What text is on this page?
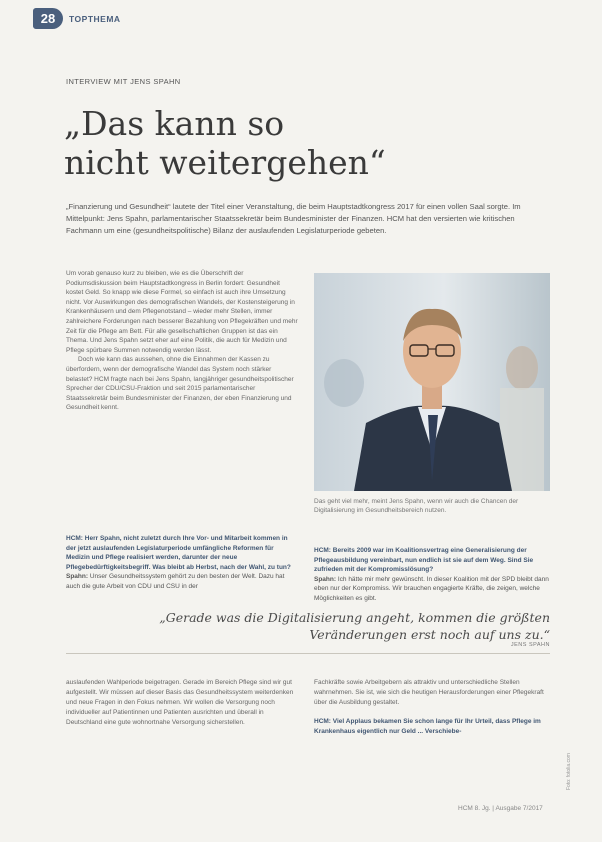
28	TOPTHEMA
INTERVIEW MIT JENS SPAHN
„Das kann so
nicht weitergehen“

„Finanzierung und Gesundheit“ lautete der Titel einer Veranstaltung, die beim Hauptstadtkongress 2017 für einen vollen Saal sorgte. Im Mittelpunkt: Jens Spahn, parlamentarischer Staatssekretär beim Bundesminister der Finanzen. HCM hat den versierten wie kritischen Fachmann um eine (gesundheitspolitische) Bilanz der auslaufenden Legislaturperiode gebeten.

Um vorab genauso kurz zu bleiben, wie es die Überschrift der Podiumsdiskussion beim Hauptstadtkongress in Berlin fordert: Gesundheit kostet Geld. So knapp wie diese Formel, so einfach ist auch ihre Umsetzung nicht. Vor Auswirkungen des demografischen Wandels, der Kostensteigerung in Krankenhäusern und dem Pflegenotstand – wieder mehr Stellen, immer zahlreichere Forderungen nach besserer Bezahlung von Pflegekräften und mehr Zeit für die Pflege am Bett. Für alle gesellschaftlichen Gruppen ist das ein Thema. Und Jens Spahn setzt eher auf eine Politik, die auch für Medizin und Pflege spürbare Summen notwendig werden lässt.

Doch wie kann das aussehen, ohne die Einnahmen der Kassen zu überfordern, wenn der demografische Wandel das System noch stärker belastet? HCM fragte nach bei Jens Spahn, langjähriger gesundheitspolitischer Sprecher der CDU/CSU-Fraktion und seit 2015 parlamentarischer Staatssekretär beim Bundesminister der Finanzen, der eben Finanzierung und Gesundheit kennt.

Das geht viel mehr, meint Jens Spahn, wenn wir auch die Chancen der Digitalisierung im Gesundheitsbereich nutzen.

HCM: Herr Spahn, nicht zuletzt durch Ihre Vor- und Mitarbeit kommen in der jetzt auslaufenden Legislaturperiode umfängliche Reformen für Medizin und Pflege realisiert werden, darunter der neue Pflegebedürftigkeitsbegriff. Was bleibt ab Herbst, nach der Wahl, zu tun?

Spahn: Unser Gesundheitssystem gehört zu den besten der Welt. Dazu hat auch die gute Arbeit von CDU und CSU in der

HCM: Bereits 2009 war im Koalitionsvertrag eine Generalisierung der Pflegeausbildung vereinbart, nun endlich ist sie auf dem Weg. Sind Sie zufrieden mit der Kompromisslösung?

Spahn: Ich hätte mir mehr gewünscht. In dieser Koalition mit der SPD bleibt dann eben nur der Kompromiss. Wir brauchen engagierte Kräfte, die zeigen, welche Möglichkeiten es gibt.

„Gerade was die Digitalisierung angeht, kommen die größten Veränderungen erst noch auf uns zu.“

JENS SPAHN

auslaufenden Wahlperiode beigetragen. Gerade im Bereich Pflege sind wir gut aufgestellt. Wir müssen auf dieser Basis das Gesundheitssystem weiterdenken und neue Fragen in den Fokus nehmen. Wir wollen die Versorgung noch individueller auf Patientinnen und Patienten ausrichten und überall in Deutschland eine gute wohnortnahe Versorgung sicherstellen.

Fachkräfte sowie Arbeitgebern als attraktiv und unterschiedliche Stellen wahrnehmen. Sie ist, wie sich die heutigen Herausforderungen einer Pflegekraft über die Ausbildung gestaltet.

HCM: Viel Applaus bekamen Sie schon lange für Ihr Urteil, dass Pflege im Krankenhaus eigentlich nur Geld ... Verschiebe-

HCM 8. Jg. | Ausgabe 7/2017
Foto: fotolia.com
